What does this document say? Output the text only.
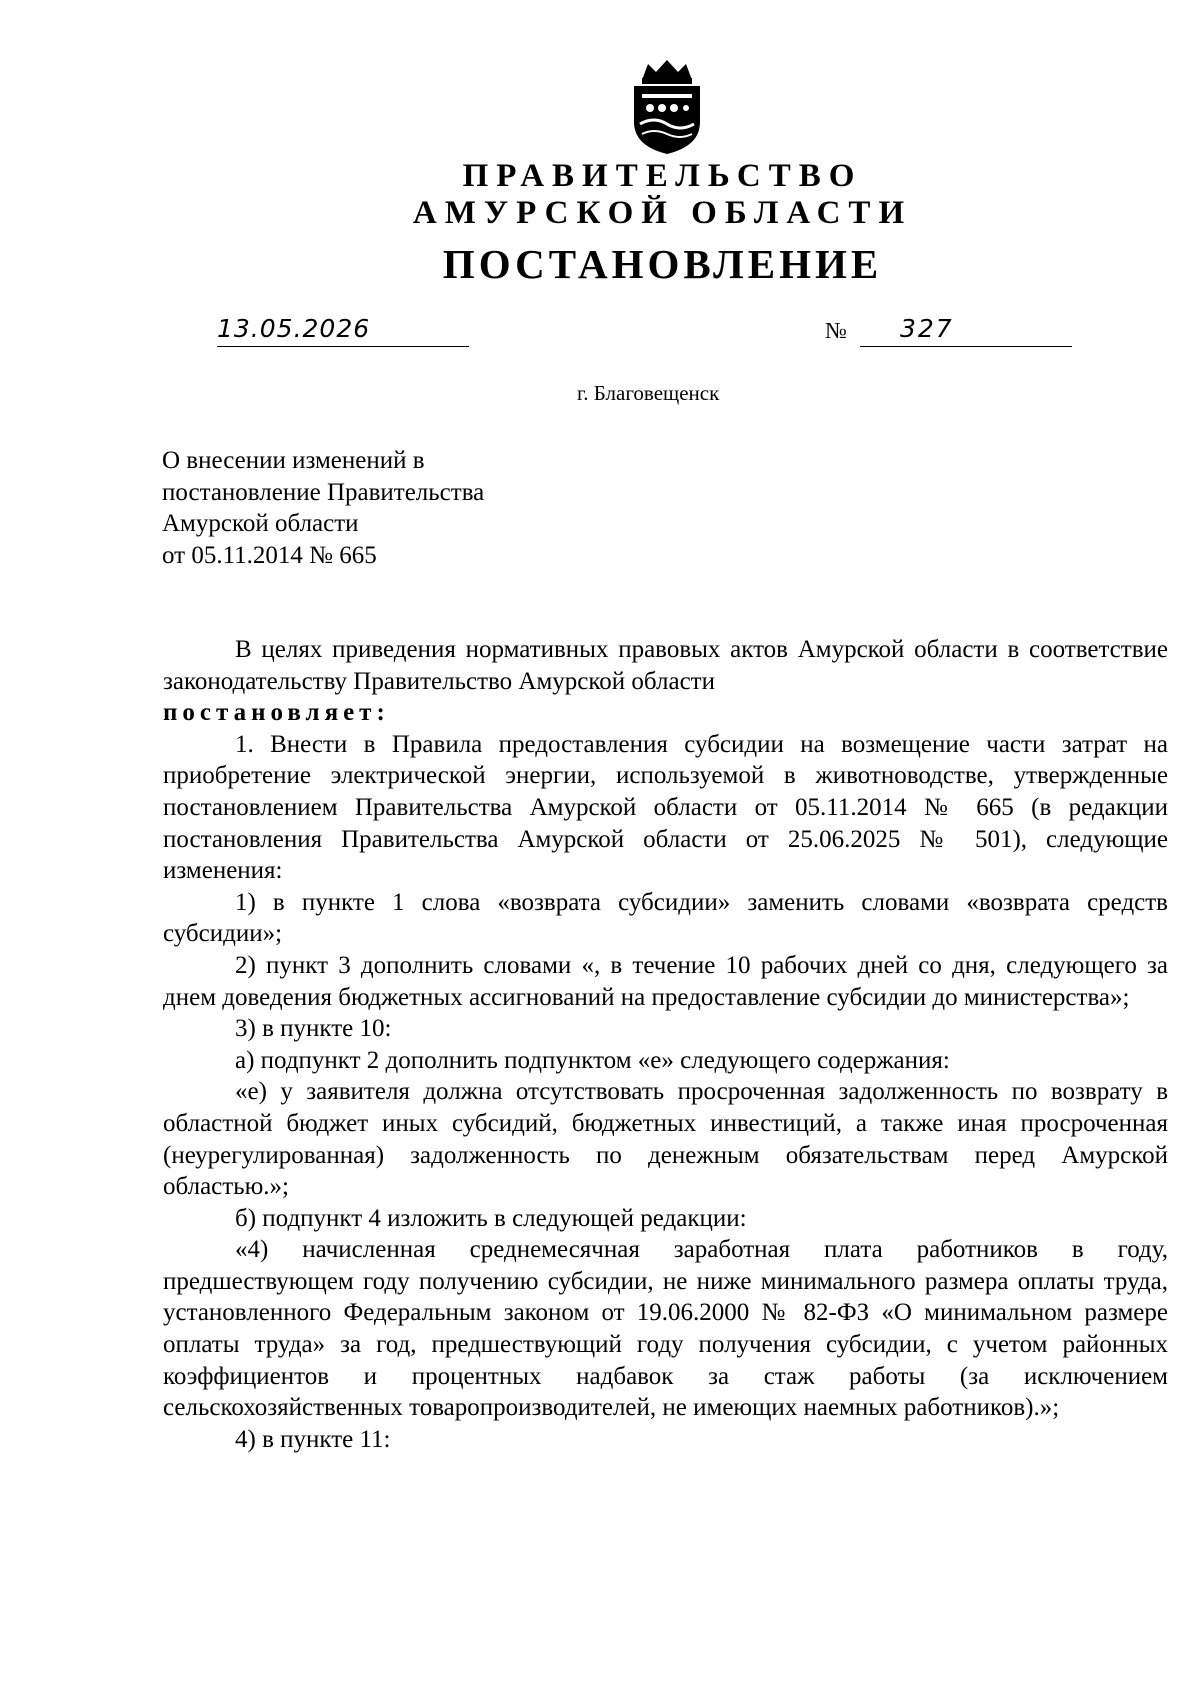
ПРАВИТЕЛЬСТВО
АМУРСКОЙ ОБЛАСТИ
ПОСТАНОВЛЕНИЕ
13.05.2026	№ 327
г. Благовещенск
О внесении изменений в
постановление Правительства
Амурской области
от 05.11.2014 № 665
В целях приведения нормативных правовых актов Амурской области в соответствие законодательству Правительство Амурской области
постановляет:
1. Внести в Правила предоставления субсидии на возмещение части затрат на приобретение электрической энергии, используемой в животноводстве, утвержденные постановлением Правительства Амурской области от 05.11.2014 № 665 (в редакции постановления Правительства Амурской области от 25.06.2025 № 501), следующие изменения:
1) в пункте 1 слова «возврата субсидии» заменить словами «возврата средств субсидии»;
2) пункт 3 дополнить словами «, в течение 10 рабочих дней со дня, следующего за днем доведения бюджетных ассигнований на предоставление субсидии до министерства»;
3) в пункте 10:
а) подпункт 2 дополнить подпунктом «е» следующего содержания:
«е) у заявителя должна отсутствовать просроченная задолженность по возврату в областной бюджет иных субсидий, бюджетных инвестиций, а также иная просроченная (неурегулированная) задолженность по денежным обязательствам перед Амурской областью.»;
б) подпункт 4 изложить в следующей редакции:
«4) начисленная среднемесячная заработная плата работников в году, предшествующем году получению субсидии, не ниже минимального размера оплаты труда, установленного Федеральным законом от 19.06.2000 № 82-ФЗ «О минимальном размере оплаты труда» за год, предшествующий году получения субсидии, с учетом районных коэффициентов и процентных надбавок за стаж работы (за исключением сельскохозяйственных товаропроизводителей, не имеющих наемных работников).»;
4) в пункте 11:
